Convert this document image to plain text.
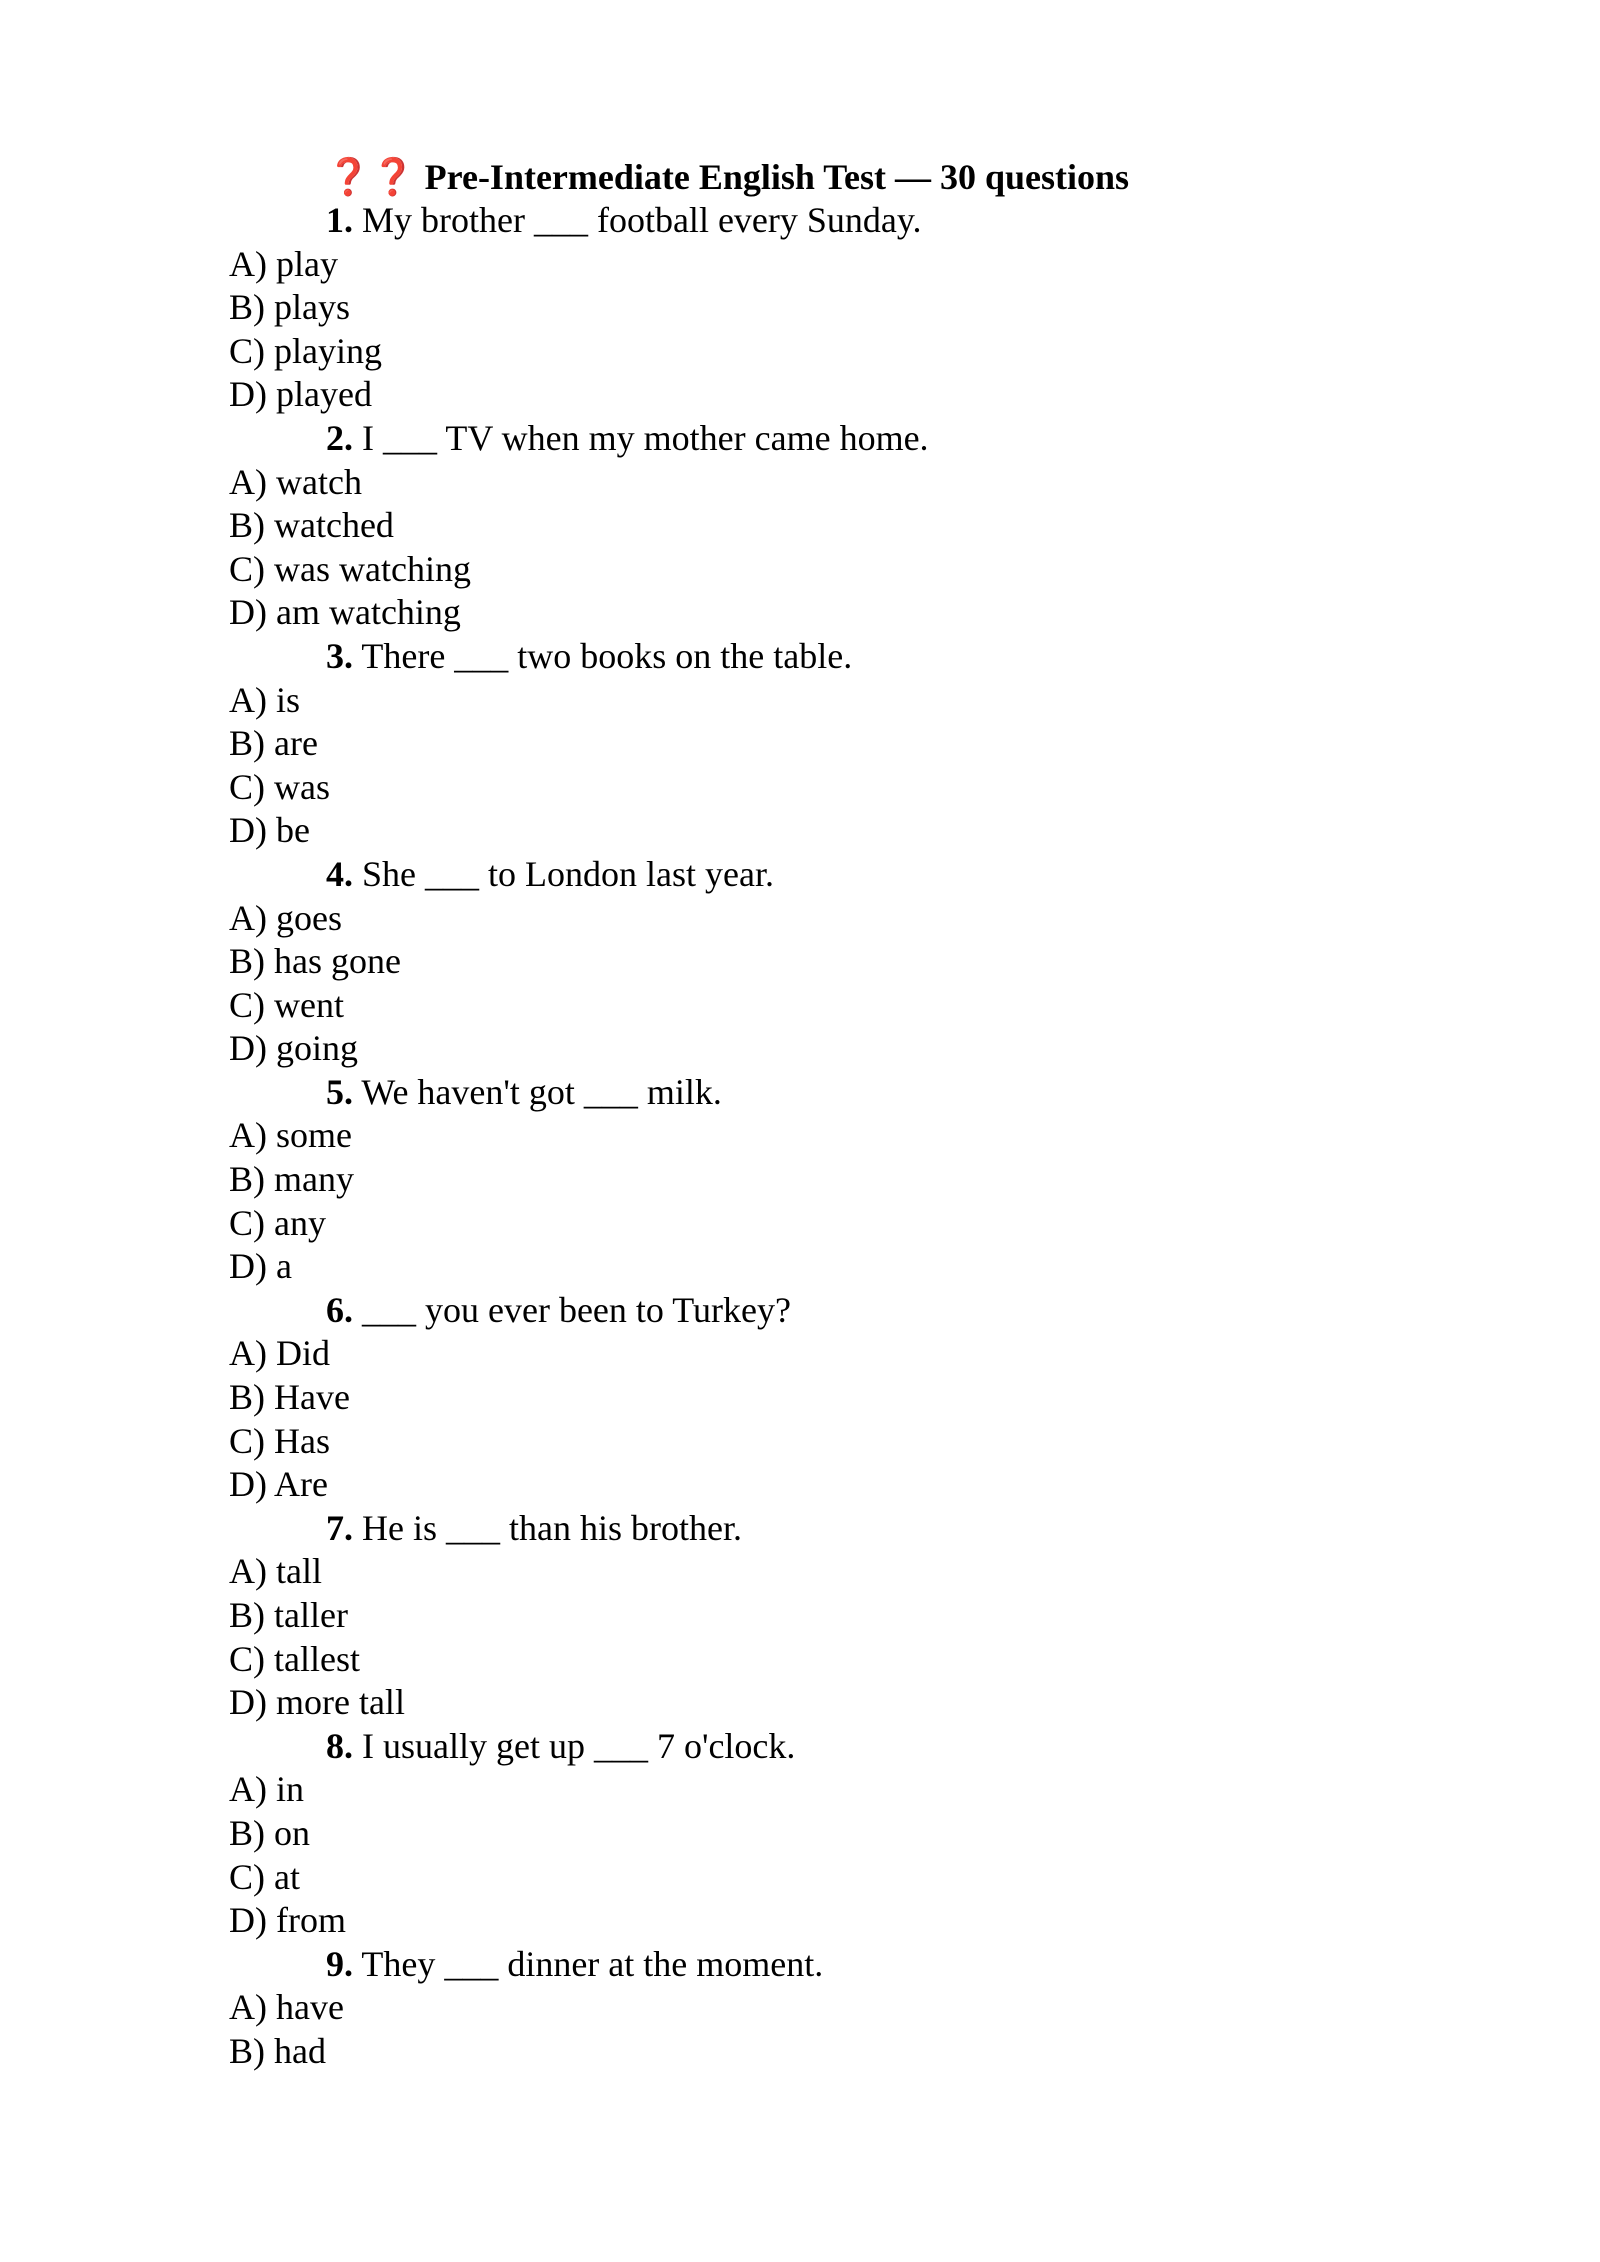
❓❓ Pre-Intermediate English Test — 30 questions
1. My brother ___ football every Sunday.
A) play
B) plays
C) playing
D) played
2. I ___ TV when my mother came home.
A) watch
B) watched
C) was watching
D) am watching
3. There ___ two books on the table.
A) is
B) are
C) was
D) be
4. She ___ to London last year.
A) goes
B) has gone
C) went
D) going
5. We haven't got ___ milk.
A) some
B) many
C) any
D) a
6. ___ you ever been to Turkey?
A) Did
B) Have
C) Has
D) Are
7. He is ___ than his brother.
A) tall
B) taller
C) tallest
D) more tall
8. I usually get up ___ 7 o'clock.
A) in
B) on
C) at
D) from
9. They ___ dinner at the moment.
A) have
B) had
